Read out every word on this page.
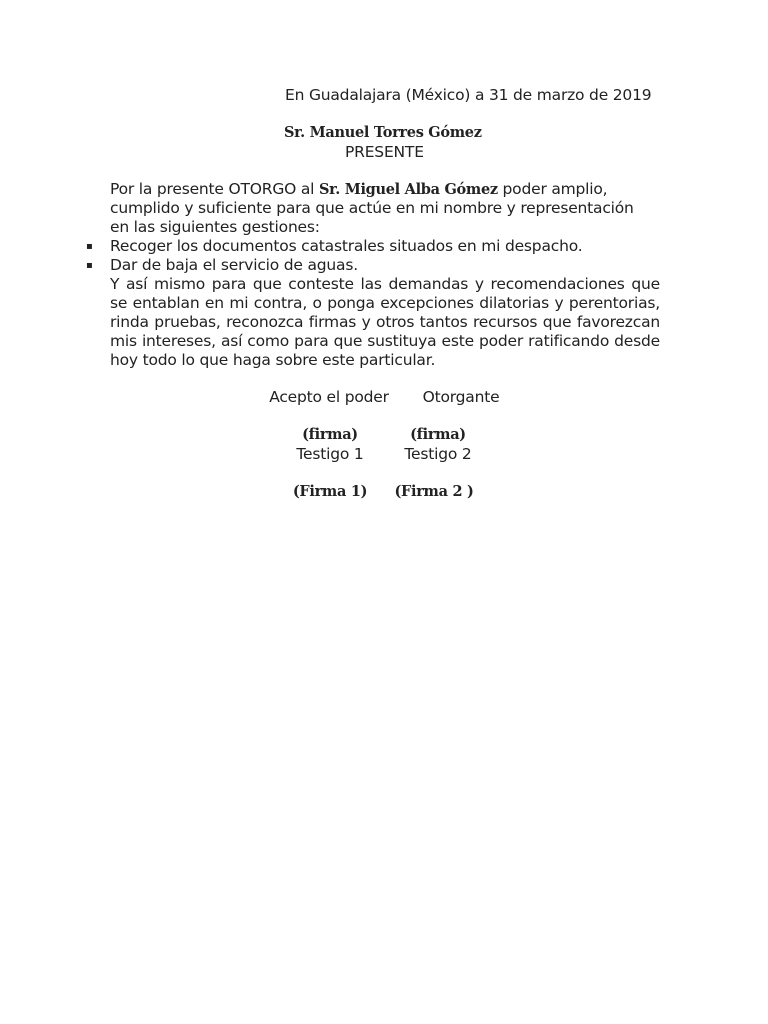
En Guadalajara (México) a 31 de marzo de 2019
Sr. Manuel Torres Gómez
PRESENTE
Por la presente OTORGO al Sr. Miguel Alba Gómez poder amplio,
cumplido y suficiente para que actúe en mi nombre y representación
en las siguientes gestiones:
▪ Recoger los documentos catastrales situados en mi despacho.
▪ Dar de baja el servicio de aguas.
Y así mismo para que conteste las demandas y recomendaciones que
se entablan en mi contra, o ponga excepciones dilatorias y perentorias,
rinda pruebas, reconozca firmas y otros tantos recursos que favorezcan
mis intereses, así como para que sustituya este poder ratificando desde
hoy todo lo que haga sobre este particular.
Acepto el poder	Otorgante
(firma)	(firma)
Testigo 1	Testigo 2
(Firma 1)	(Firma 2 )
